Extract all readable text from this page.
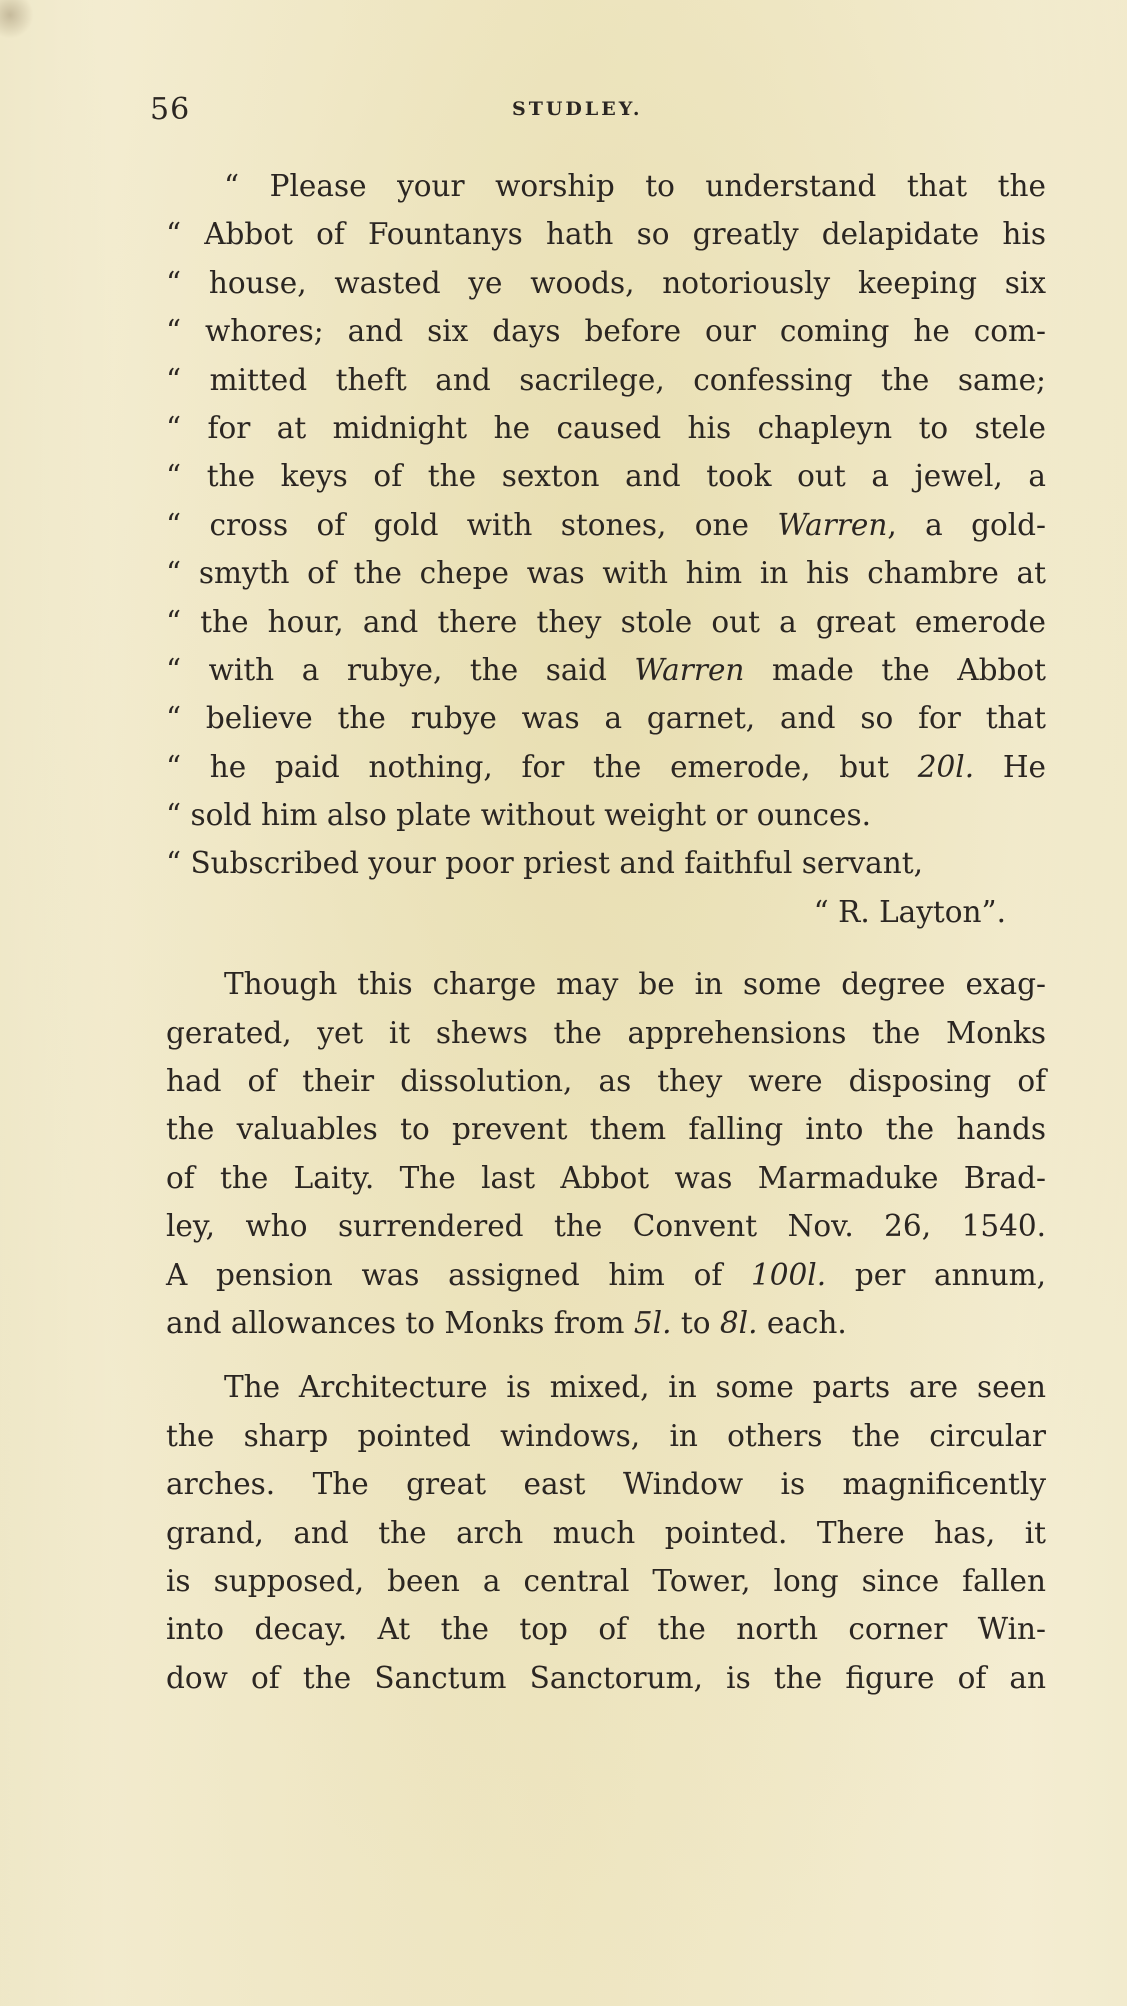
56	STUDLEY.
“ Please your worship to understand that the
“ Abbot of Fountanys hath so greatly delapidate his
“ house, wasted ye woods, notoriously keeping six
“ whores; and six days before our coming he com-
“ mitted theft and sacrilege, confessing the same;
“ for at midnight he caused his chapleyn to stele
“ the keys of the sexton and took out a jewel, a
“ cross of gold with stones, one Warren, a gold-
“ smyth of the chepe was with him in his chambre at
“ the hour, and there they stole out a great emerode
“ with a rubye, the said Warren made the Abbot
“ believe the rubye was a garnet, and so for that
“ he paid nothing, for the emerode, but 20l. He
“ sold him also plate without weight or ounces.
“ Subscribed your poor priest and faithful servant,
“ R. Layton”.
Though this charge may be in some degree exag-
gerated, yet it shews the apprehensions the Monks
had of their dissolution, as they were disposing of
the valuables to prevent them falling into the hands
of the Laity. The last Abbot was Marmaduke Brad-
ley, who surrendered the Convent Nov. 26, 1540.
A pension was assigned him of 100l. per annum,
and allowances to Monks from 5l. to 8l. each.
The Architecture is mixed, in some parts are seen
the sharp pointed windows, in others the circular
arches. The great east Window is magnificently
grand, and the arch much pointed. There has, it
is supposed, been a central Tower, long since fallen
into decay. At the top of the north corner Win-
dow of the Sanctum Sanctorum, is the figure of an
